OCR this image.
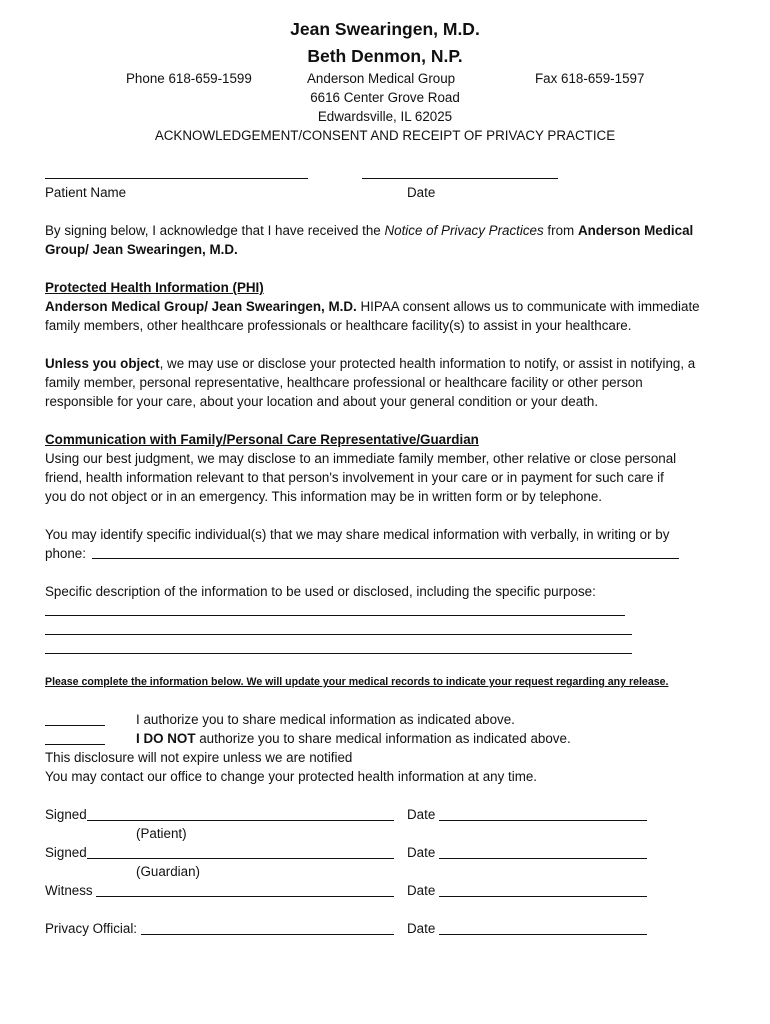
Jean Swearingen, M.D.
Beth Denmon, N.P.
Phone 618-659-1599	Anderson Medical Group	Fax 618-659-1597
6616 Center Grove Road
Edwardsville, IL 62025
ACKNOWLEDGEMENT/CONSENT AND RECEIPT OF PRIVACY PRACTICE
Patient Name	Date
By signing below, I acknowledge that I have received the Notice of Privacy Practices from Anderson Medical
Group/ Jean Swearingen, M.D.
Protected Health Information (PHI)
Anderson Medical Group/ Jean Swearingen, M.D. HIPAA consent allows us to communicate with immediate
family members, other healthcare professionals or healthcare facility(s) to assist in your healthcare.
Unless you object, we may use or disclose your protected health information to notify, or assist in notifying, a
family member, personal representative, healthcare professional or healthcare facility or other person
responsible for your care, about your location and about your general condition or your death.
Communication with Family/Personal Care Representative/Guardian
Using our best judgment, we may disclose to an immediate family member, other relative or close personal
friend, health information relevant to that person's involvement in your care or in payment for such care if
you do not object or in an emergency. This information may be in written form or by telephone.
You may identify specific individual(s) that we may share medical information with verbally, in writing or by
phone:
Specific description of the information to be used or disclosed, including the specific purpose:
Please complete the information below. We will update your medical records to indicate your request regarding any release.
I authorize you to share medical information as indicated above.
I DO NOT authorize you to share medical information as indicated above.
This disclosure will not expire unless we are notified
You may contact our office to change your protected health information at any time.
Signed	Date
(Patient)
Signed	Date
(Guardian)
Witness	Date
Privacy Official:	Date
